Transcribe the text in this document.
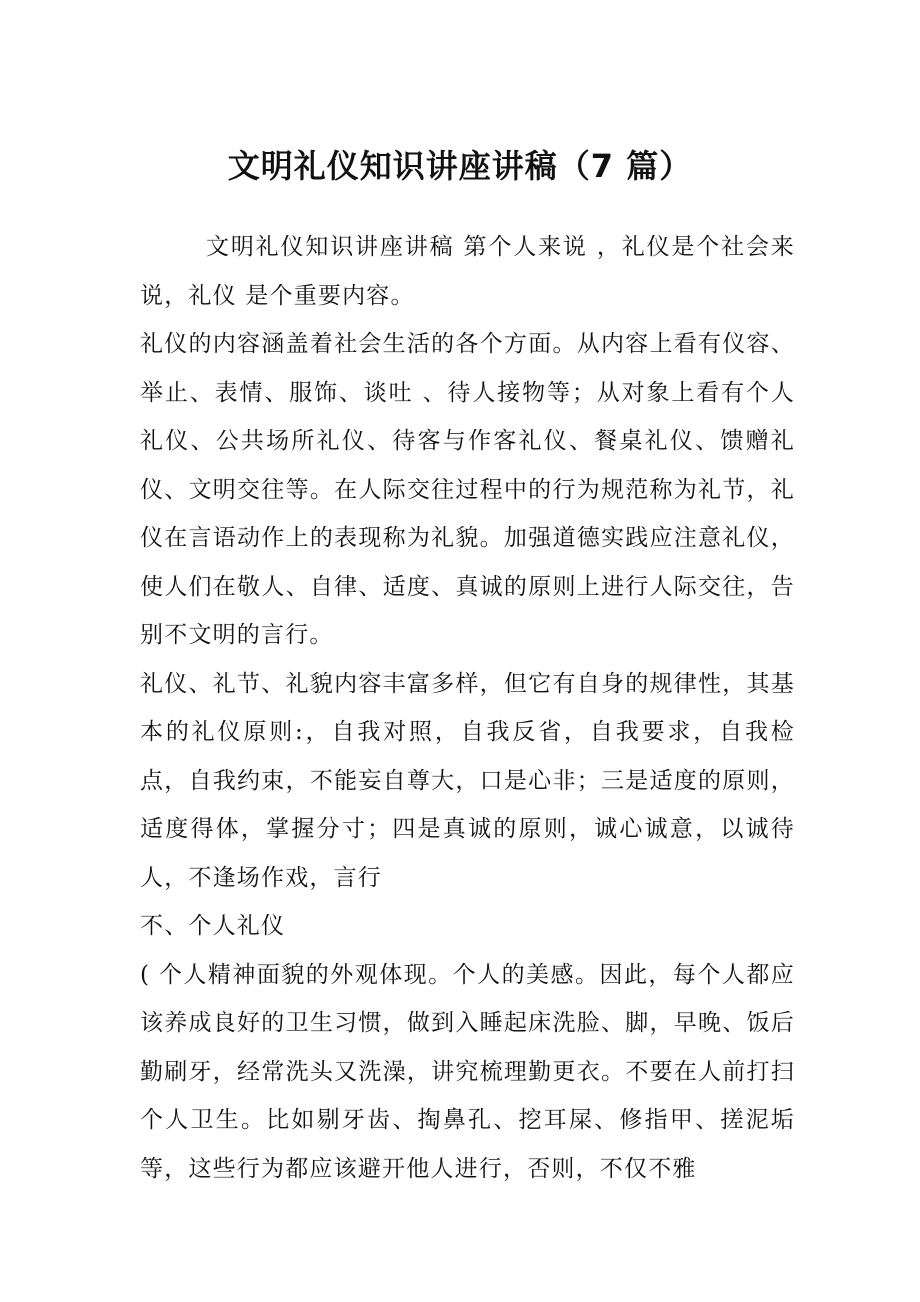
文明礼仪知识讲座讲稿（7 篇）

文明礼仪知识讲座讲稿 第个人来说 ，礼仪是个社会来说，礼仪 是个重要内容。

礼仪的内容涵盖着社会生活的各个方面。从内容上看有仪容、举止、表情、服饰、谈吐 、待人接物等；从对象上看有个人礼仪、公共场所礼仪、待客与作客礼仪、餐桌礼仪、馈赠礼仪、文明交往等。在人际交往过程中的行为规范称为礼节，礼仪在言语动作上的表现称为礼貌。加强道德实践应注意礼仪，使人们在敬人、自律、适度、真诚的原则上进行人际交往，告别不文明的言行。

礼仪、礼节、礼貌内容丰富多样，但它有自身的规律性，其基本的礼仪原则:，自我对照，自我反省，自我要求，自我检点，自我约束，不能妄自尊大，口是心非；三是适度的原则，适度得体，掌握分寸；四是真诚的原则，诚心诚意，以诚待人，不逢场作戏，言行

不、个人礼仪

( 个人精神面貌的外观体现。个人的美感。因此，每个人都应该养成良好的卫生习惯，做到入睡起床洗脸、脚，早晚、饭后勤刷牙，经常洗头又洗澡，讲究梳理勤更衣。不要在人前打扫个人卫生。比如剔牙齿、掏鼻孔、挖耳屎、修指甲、搓泥垢等，这些行为都应该避开他人进行，否则，不仅不雅
